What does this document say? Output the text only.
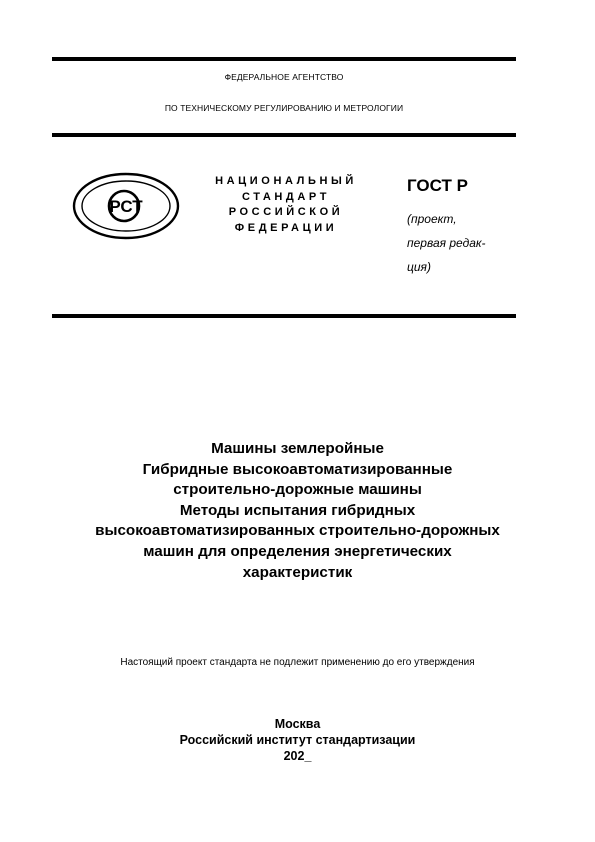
ФЕДЕРАЛЬНОЕ АГЕНТСТВО
ПО ТЕХНИЧЕСКОМУ РЕГУЛИРОВАНИЮ И МЕТРОЛОГИИ
РСТ
НАЦИОНАЛЬНЫЙ
СТАНДАРТ
РОССИЙСКОЙ
ФЕДЕРАЦИИ
ГОСТ Р
(проект,
первая редак-
ция)
Машины землеройные
Гибридные высокоавтоматизированные
строительно-дорожные машины
Методы испытания гибридных
высокоавтоматизированных строительно-дорожных
машин для определения энергетических
характеристик
Настоящий проект стандарта не подлежит применению до его утверждения
Москва
Российский институт стандартизации
202_
